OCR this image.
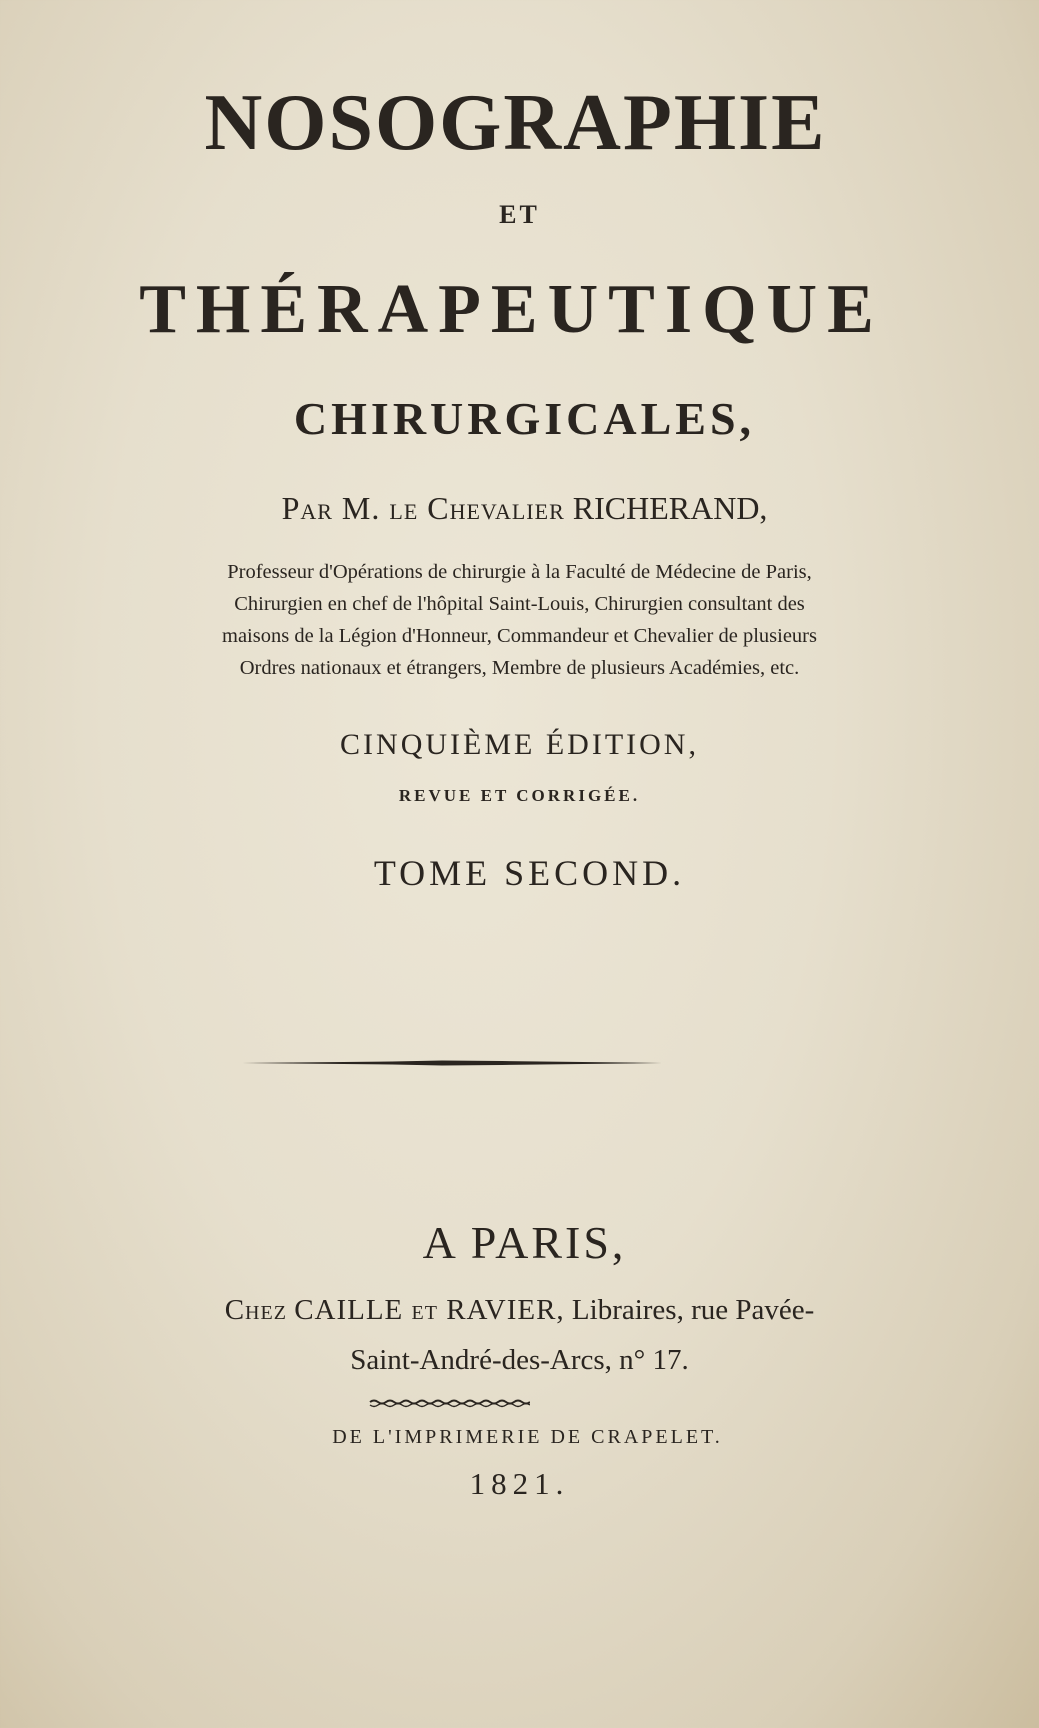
NOSOGRAPHIE
ET
THÉRAPEUTIQUE
CHIRURGICALES,
Par M. le Chevalier RICHERAND,
Professeur d'Opérations de chirurgie à la Faculté de Médecine de Paris,
Chirurgien en chef de l'hôpital Saint-Louis, Chirurgien consultant des
maisons de la Légion d'Honneur, Commandeur et Chevalier de plusieurs
Ordres nationaux et étrangers, Membre de plusieurs Académies, etc.
CINQUIÈME ÉDITION,
REVUE ET CORRIGÉE.
TOME SECOND.
A PARIS,
Chez CAILLE et RAVIER, Libraires, rue Pavée-
Saint-André-des-Arcs, n° 17.
DE L'IMPRIMERIE DE CRAPELET.
1821.
